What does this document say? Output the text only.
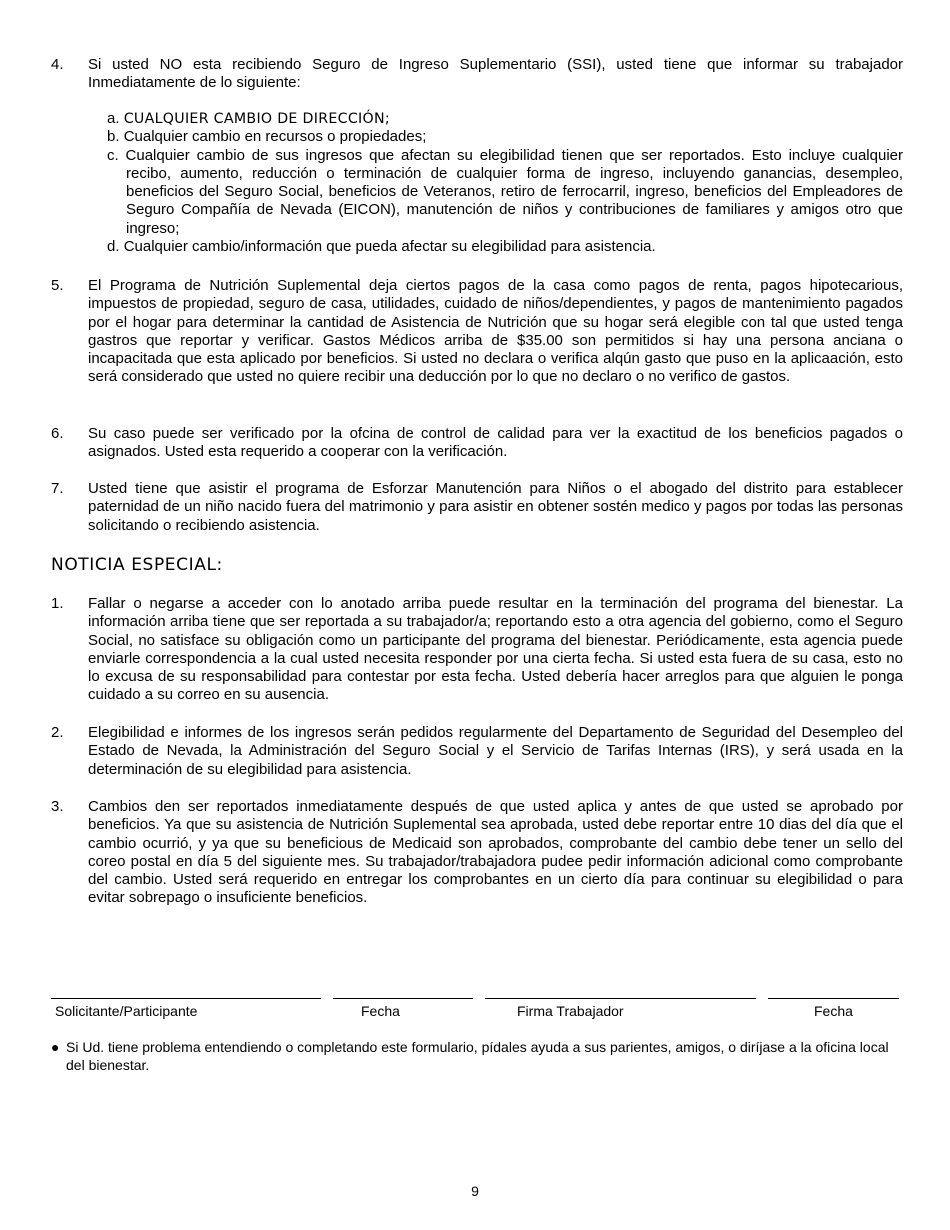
4.	Si usted NO esta recibiendo Seguro de Ingreso Suplementario (SSI), usted tiene que informar su trabajador Inmediatamente de lo siguiente:
a. CUALQUIER CAMBIO DE DIRECCIÓN;
b. Cualquier cambio en recursos o propiedades;
c. Cualquier cambio de sus ingresos que afectan su elegibilidad tienen que ser reportados. Esto incluye cualquier recibo, aumento, reducción o terminación de cualquier forma de ingreso, incluyendo ganancias, desempleo, beneficios del Seguro Social, beneficios de Veteranos, retiro de ferrocarril, ingreso, beneficios del Empleadores de Seguro Compañía de Nevada (EICON), manutención de niños y contribuciones de familiares y amigos otro que ingreso;
d. Cualquier cambio/información que pueda afectar su elegibilidad para asistencia.
5.	El Programa de Nutrición Suplemental deja ciertos pagos de la casa como pagos de renta, pagos hipotecarious, impuestos de propiedad, seguro de casa, utilidades, cuidado de niños/dependientes, y pagos de mantenimiento pagados por el hogar para determinar la cantidad de Asistencia de Nutrición que su hogar será elegible con tal que usted tenga gastros que reportar y verificar. Gastos Médicos arriba de $35.00 son permitidos si hay una persona anciana o incapacitada que esta aplicado por beneficios. Si usted no declara o verifica alqún gasto que puso en la aplicaación, esto será considerado que usted no quiere recibir una deducción por lo que no declaro o no verifico de gastos.
6.	Su caso puede ser verificado por la ofcina de control de calidad para ver la exactitud de los beneficios pagados o asignados. Usted esta requerido a cooperar con la verificación.
7.	Usted tiene que asistir el programa de Esforzar Manutención para Niños o el abogado del distrito para establecer paternidad de un niño nacido fuera del matrimonio y para asistir en obtener sostén medico y pagos por todas las personas solicitando o recibiendo asistencia.
NOTICIA ESPECIAL:
1.	Fallar o negarse a acceder con lo anotado arriba puede resultar en la terminación del programa del bienestar. La información arriba tiene que ser reportada a su trabajador/a; reportando esto a otra agencia del gobierno, como el Seguro Social, no satisface su obligación como un participante del programa del bienestar. Periódicamente, esta agencia puede enviarle correspondencia a la cual usted necesita responder por una cierta fecha. Si usted esta fuera de su casa, esto no lo excusa de su responsabilidad para contestar por esta fecha. Usted debería hacer arreglos para que alguien le ponga cuidado a su correo en su ausencia.
2.	Elegibilidad e informes de los ingresos serán pedidos regularmente del Departamento de Seguridad del Desempleo del Estado de Nevada, la Administración del Seguro Social y el Servicio de Tarifas Internas (IRS), y será usada en la determinación de su elegibilidad para asistencia.
3.	Cambios den ser reportados inmediatamente después de que usted aplica y antes de que usted se aprobado por beneficios. Ya que su asistencia de Nutrición Suplemental sea aprobada, usted debe reportar entre 10 dias del día que el cambio ocurrió, y ya que su beneficious de Medicaid son aprobados, comprobante del cambio debe tener un sello del coreo postal en día 5 del siguiente mes. Su trabajador/trabajadora pudee pedir información adicional como comprobante del cambio. Usted será requerido en entregar los comprobantes en un cierto día para continuar su elegibilidad o para evitar sobrepago o insuficiente beneficios.
Solicitante/Participante	Fecha	Firma Trabajador	Fecha
● Si Ud. tiene problema entendiendo o completando este formulario, pídales ayuda a sus parientes, amigos, o diríjase a la oficina local del bienestar.
9
